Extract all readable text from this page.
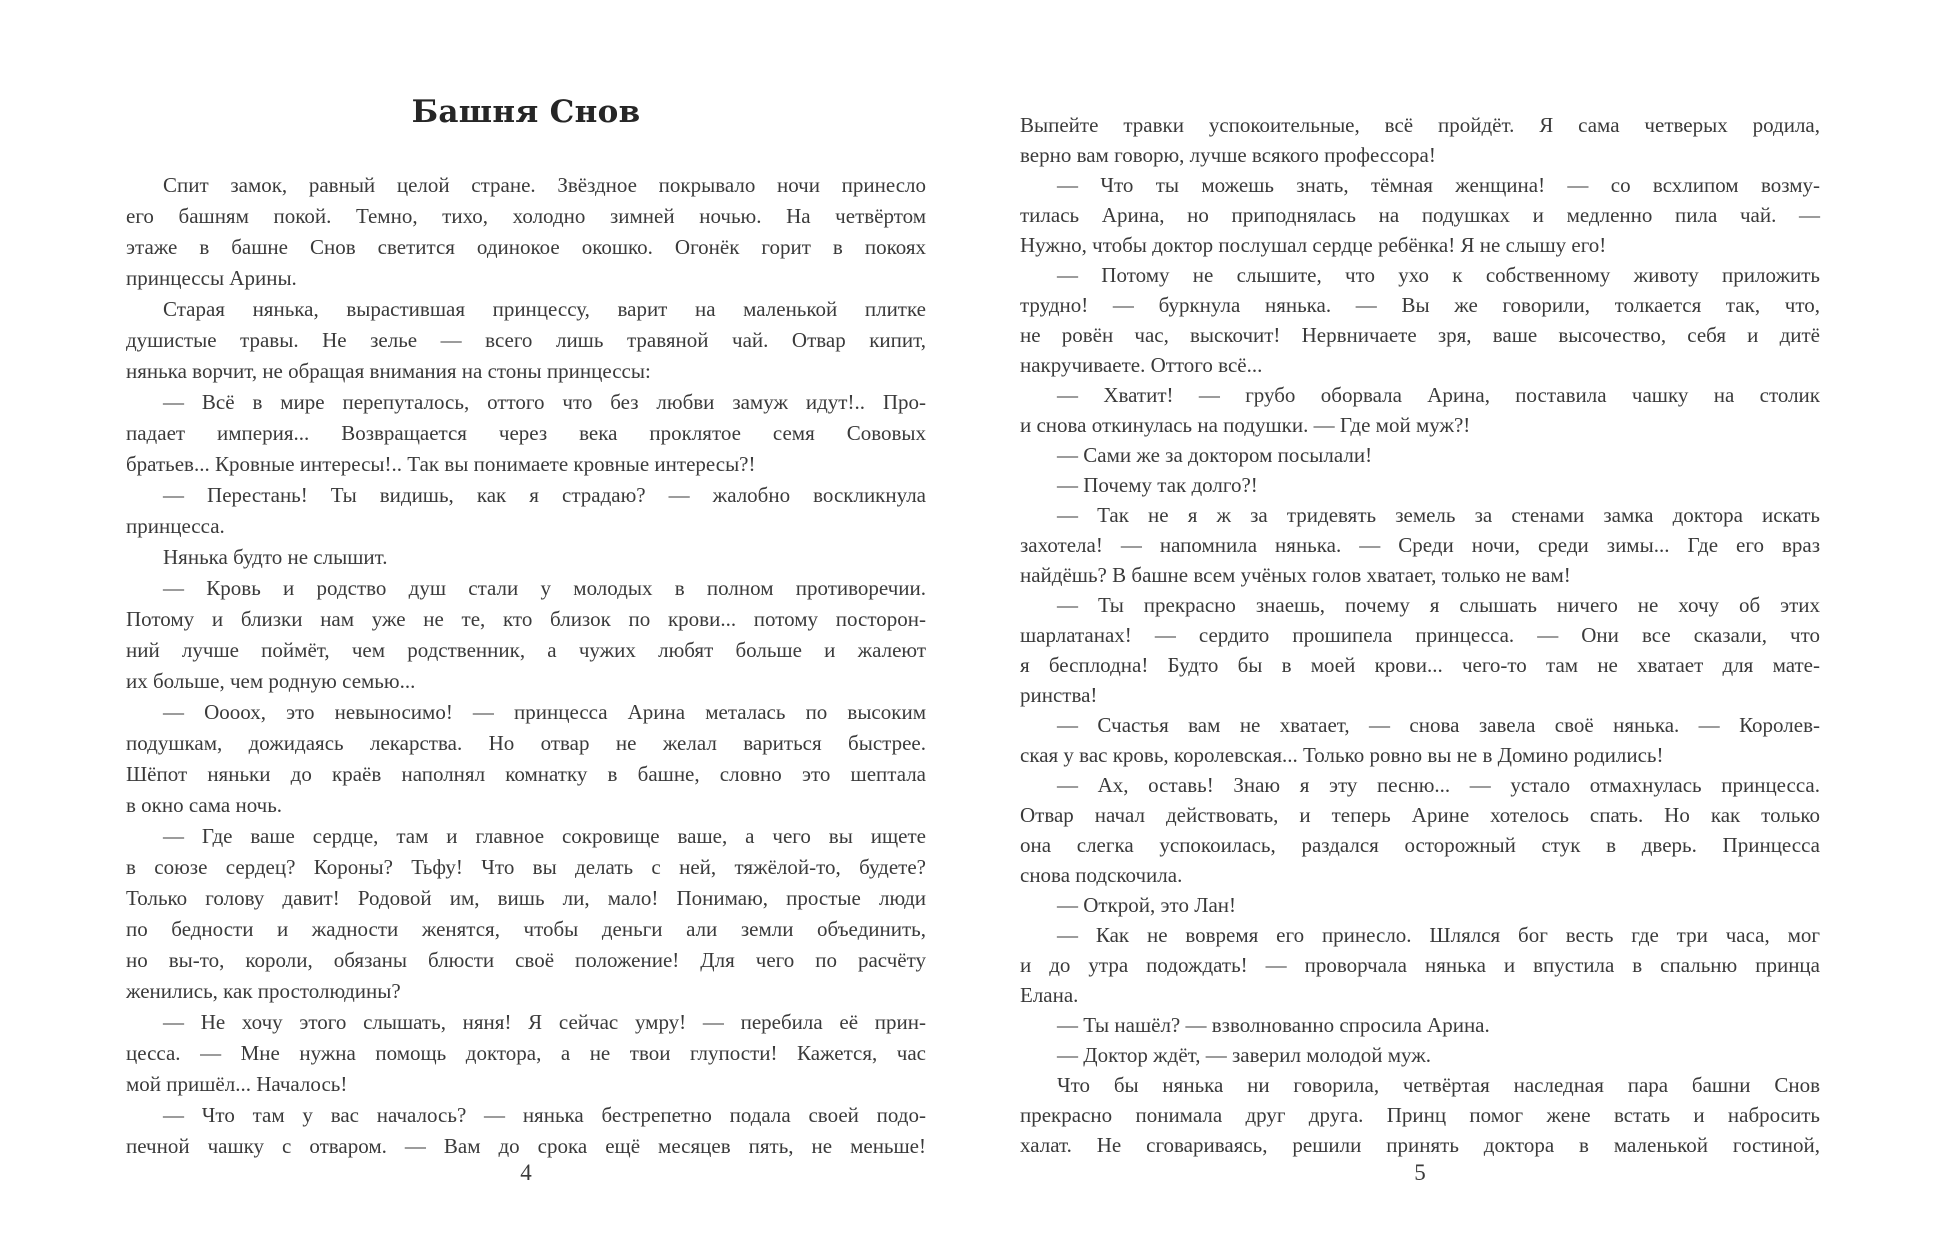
Башня Снов
Спит замок, равный целой стране. Звёздное покрывало ночи принесло
его башням покой. Темно, тихо, холодно зимней ночью. На четвёртом
этаже в башне Снов светится одинокое окошко. Огонёк горит в покоях
принцессы Арины.
Старая нянька, вырастившая принцессу, варит на маленькой плитке
душистые травы. Не зелье — всего лишь травяной чай. Отвар кипит,
нянька ворчит, не обращая внимания на стоны принцессы:
— Всё в мире перепуталось, оттого что без любви замуж идут!.. Про-
падает империя... Возвращается через века проклятое семя Сововых
братьев... Кровные интересы!.. Так вы понимаете кровные интересы?!
— Перестань! Ты видишь, как я страдаю? — жалобно воскликнула
принцесса.
Нянька будто не слышит.
— Кровь и родство душ стали у молодых в полном противоречии.
Потому и близки нам уже не те, кто близок по крови... потому посторон-
ний лучше поймёт, чем родственник, а чужих любят больше и жалеют
их больше, чем родную семью...
— Оооох, это невыносимо! — принцесса Арина металась по высоким
подушкам, дожидаясь лекарства. Но отвар не желал вариться быстрее.
Шёпот няньки до краёв наполнял комнатку в башне, словно это шептала
в окно сама ночь.
— Где ваше сердце, там и главное сокровище ваше, а чего вы ищете
в союзе сердец? Короны? Тьфу! Что вы делать с ней, тяжёлой-то, будете?
Только голову давит! Родовой им, вишь ли, мало! Понимаю, простые люди
по бедности и жадности женятся, чтобы деньги али земли объединить,
но вы-то, короли, обязаны блюсти своё положение! Для чего по расчёту
женились, как простолюдины?
— Не хочу этого слышать, няня! Я сейчас умру! — перебила её прин-
цесса. — Мне нужна помощь доктора, а не твои глупости! Кажется, час
мой пришёл... Началось!
— Что там у вас началось? — нянька бестрепетно подала своей подо-
печной чашку с отваром. — Вам до срока ещё месяцев пять, не меньше!
4
Выпейте травки успокоительные, всё пройдёт. Я сама четверых родила,
верно вам говорю, лучше всякого профессора!
— Что ты можешь знать, тёмная женщина! — со всхлипом возму-
тилась Арина, но приподнялась на подушках и медленно пила чай. —
Нужно, чтобы доктор послушал сердце ребёнка! Я не слышу его!
— Потому не слышите, что ухо к собственному животу приложить
трудно! — буркнула нянька. — Вы же говорили, толкается так, что,
не ровён час, выскочит! Нервничаете зря, ваше высочество, себя и дитё
накручиваете. Оттого всё...
— Хватит! — грубо оборвала Арина, поставила чашку на столик
и снова откинулась на подушки. — Где мой муж?!
— Сами же за доктором посылали!
— Почему так долго?!
— Так не я ж за тридевять земель за стенами замка доктора искать
захотела! — напомнила нянька. — Среди ночи, среди зимы... Где его враз
найдёшь? В башне всем учёных голов хватает, только не вам!
— Ты прекрасно знаешь, почему я слышать ничего не хочу об этих
шарлатанах! — сердито прошипела принцесса. — Они все сказали, что
я бесплодна! Будто бы в моей крови... чего-то там не хватает для мате-
ринства!
— Счастья вам не хватает, — снова завела своё нянька. — Королев-
ская у вас кровь, королевская... Только ровно вы не в Домино родились!
— Ах, оставь! Знаю я эту песню... — устало отмахнулась принцесса.
Отвар начал действовать, и теперь Арине хотелось спать. Но как только
она слегка успокоилась, раздался осторожный стук в дверь. Принцесса
снова подскочила.
— Открой, это Лан!
— Как не вовремя его принесло. Шлялся бог весть где три часа, мог
и до утра подождать! — проворчала нянька и впустила в спальню принца
Елана.
— Ты нашёл? — взволнованно спросила Арина.
— Доктор ждёт, — заверил молодой муж.
Что бы нянька ни говорила, четвёртая наследная пара башни Снов
прекрасно понимала друг друга. Принц помог жене встать и набросить
халат. Не сговариваясь, решили принять доктора в маленькой гостиной,
5
